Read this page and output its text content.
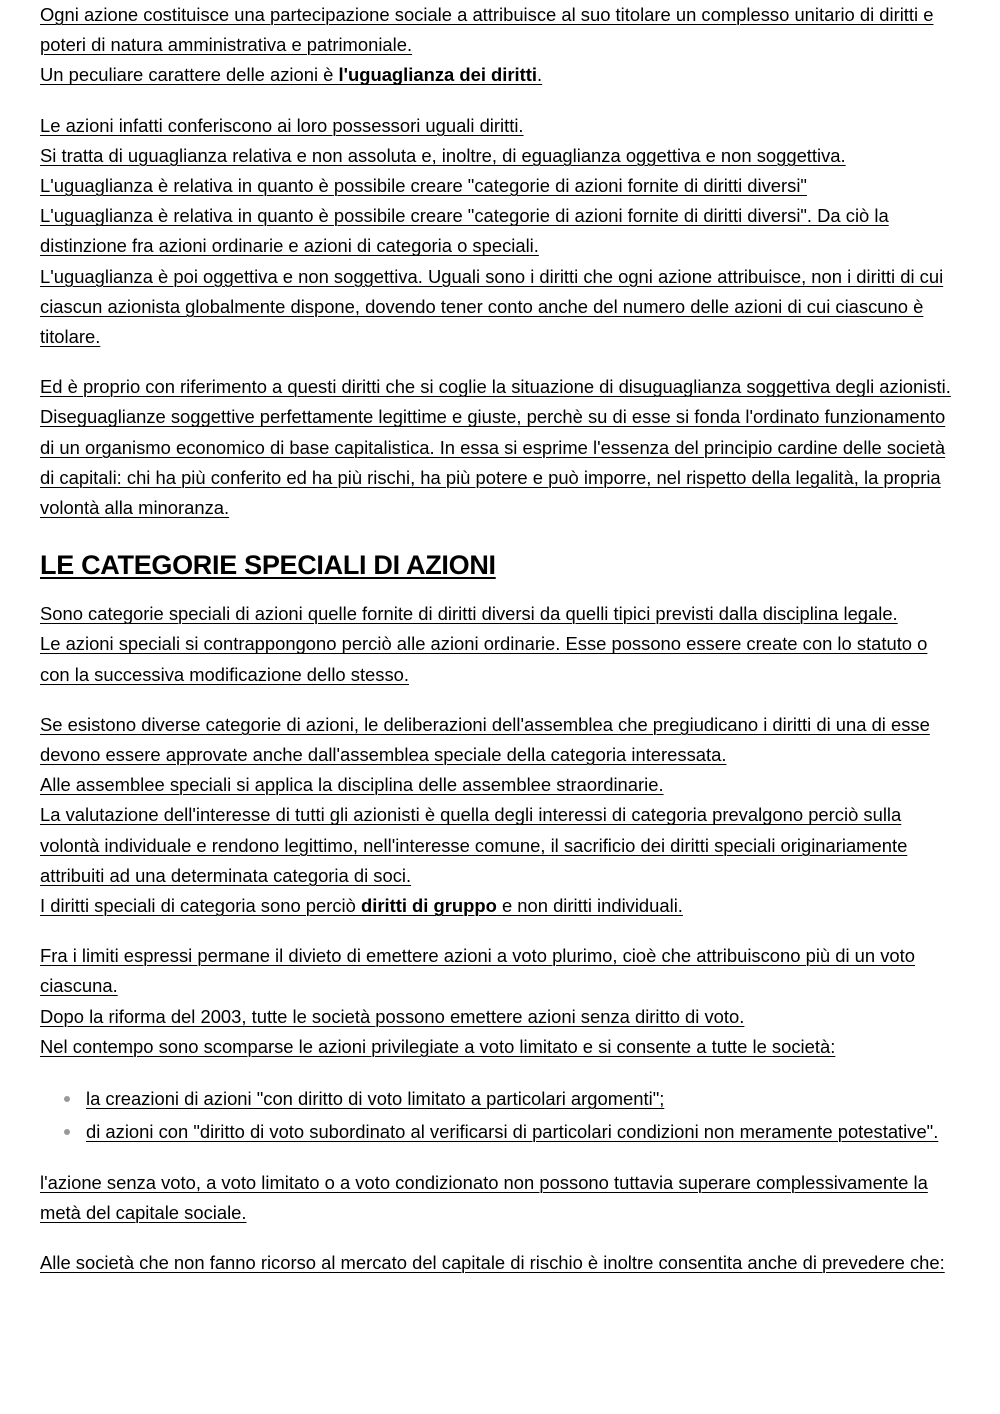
Ogni azione costituisce una partecipazione sociale a attribuisce al suo titolare un complesso unitario di diritti e poteri di natura amministrativa e patrimoniale.
Un peculiare carattere delle azioni è l'uguaglianza dei diritti.

Le azioni infatti conferiscono ai loro possessori uguali diritti.
Si tratta di uguaglianza relativa e non assoluta e, inoltre, di eguaglianza oggettiva e non soggettiva.
L'uguaglianza è relativa in quanto è possibile creare "categorie di azioni fornite di diritti diversi"
L'uguaglianza è relativa in quanto è possibile creare "categorie di azioni fornite di diritti diversi". Da ciò la distinzione fra azioni ordinarie e azioni di categoria o speciali.
L'uguaglianza è poi oggettiva e non soggettiva. Uguali sono i diritti che ogni azione attribuisce, non i diritti di cui ciascun azionista globalmente dispone, dovendo tener conto anche del numero delle azioni di cui ciascuno è titolare.

Ed è proprio con riferimento a questi diritti che si coglie la situazione di disuguaglianza soggettiva degli azionisti.
Diseguaglianze soggettive perfettamente legittime e giuste, perchè su di esse si fonda l'ordinato funzionamento di un organismo economico di base capitalistica. In essa si esprime l'essenza del principio cardine delle società di capitali: chi ha più conferito ed ha più rischi, ha più potere e può imporre, nel rispetto della legalità, la propria volontà alla minoranza.

LE CATEGORIE SPECIALI DI AZIONI

Sono categorie speciali di azioni quelle fornite di diritti diversi da quelli tipici previsti dalla disciplina legale.
Le azioni speciali si contrappongono perciò alle azioni ordinarie. Esse possono essere create con lo statuto o con la successiva modificazione dello stesso.

Se esistono diverse categorie di azioni, le deliberazioni dell'assemblea che pregiudicano i diritti di una di esse devono essere approvate anche dall'assemblea speciale della categoria interessata.
Alle assemblee speciali si applica la disciplina delle assemblee straordinarie.
La valutazione dell'interesse di tutti gli azionisti è quella degli interessi di categoria prevalgono perciò sulla volontà individuale e rendono legittimo, nell'interesse comune, il sacrificio dei diritti speciali originariamente attribuiti ad una determinata categoria di soci.
I diritti speciali di categoria sono perciò diritti di gruppo e non diritti individuali.

Fra i limiti espressi permane il divieto di emettere azioni a voto plurimo, cioè che attribuiscono più di un voto ciascuna.
Dopo la riforma del 2003, tutte le società possono emettere azioni senza diritto di voto.
Nel contempo sono scomparse le azioni privilegiate a voto limitato e si consente a tutte le società:

la creazioni di azioni "con diritto di voto limitato a particolari argomenti";
di azioni con "diritto di voto subordinato al verificarsi di particolari condizioni non meramente potestative".

l'azione senza voto, a voto limitato o a voto condizionato non possono tuttavia superare complessivamente la metà del capitale sociale.

Alle società che non fanno ricorso al mercato del capitale di rischio è inoltre consentita anche di prevedere che:
